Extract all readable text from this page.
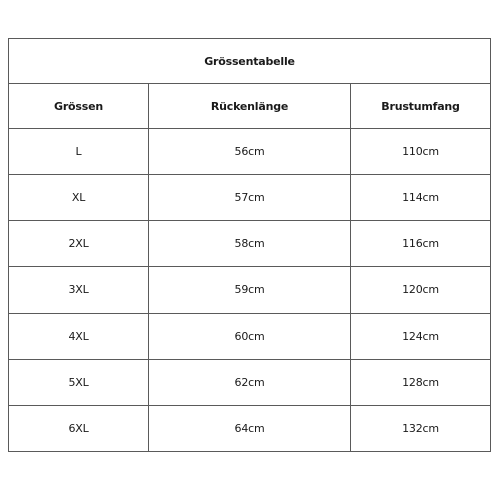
Grössentabelle		
Grössen	Rückenlänge	Brustumfang
L	56cm	110cm
XL	57cm	114cm
2XL	58cm	116cm
3XL	59cm	120cm
4XL	60cm	124cm
5XL	62cm	128cm
6XL	64cm	132cm
